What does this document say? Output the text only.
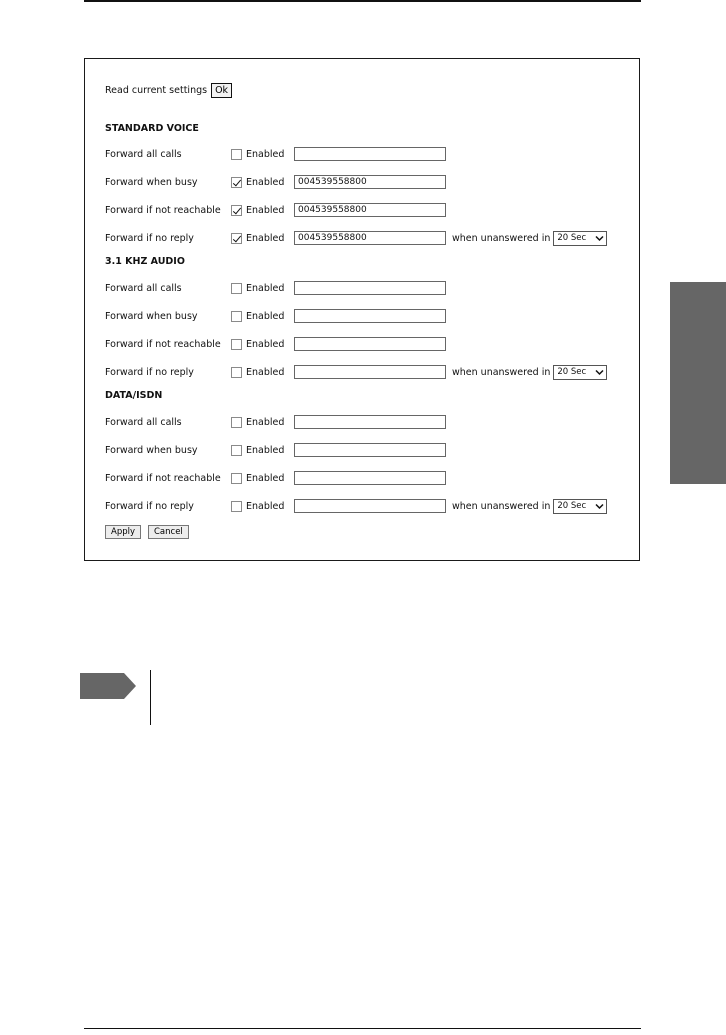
Read current settings Ok
STANDARD VOICE
Forward all calls	Enabled
Forward when busy	Enabled	004539558800
Forward if not reachable	Enabled	004539558800
Forward if no reply	Enabled	004539558800	when unanswered in 20 Sec
3.1 KHZ AUDIO
Forward all calls	Enabled
Forward when busy	Enabled
Forward if not reachable	Enabled
Forward if no reply	Enabled	when unanswered in 20 Sec
DATA/ISDN
Forward all calls	Enabled
Forward when busy	Enabled
Forward if not reachable	Enabled
Forward if no reply	Enabled	when unanswered in 20 Sec
Apply	Cancel
